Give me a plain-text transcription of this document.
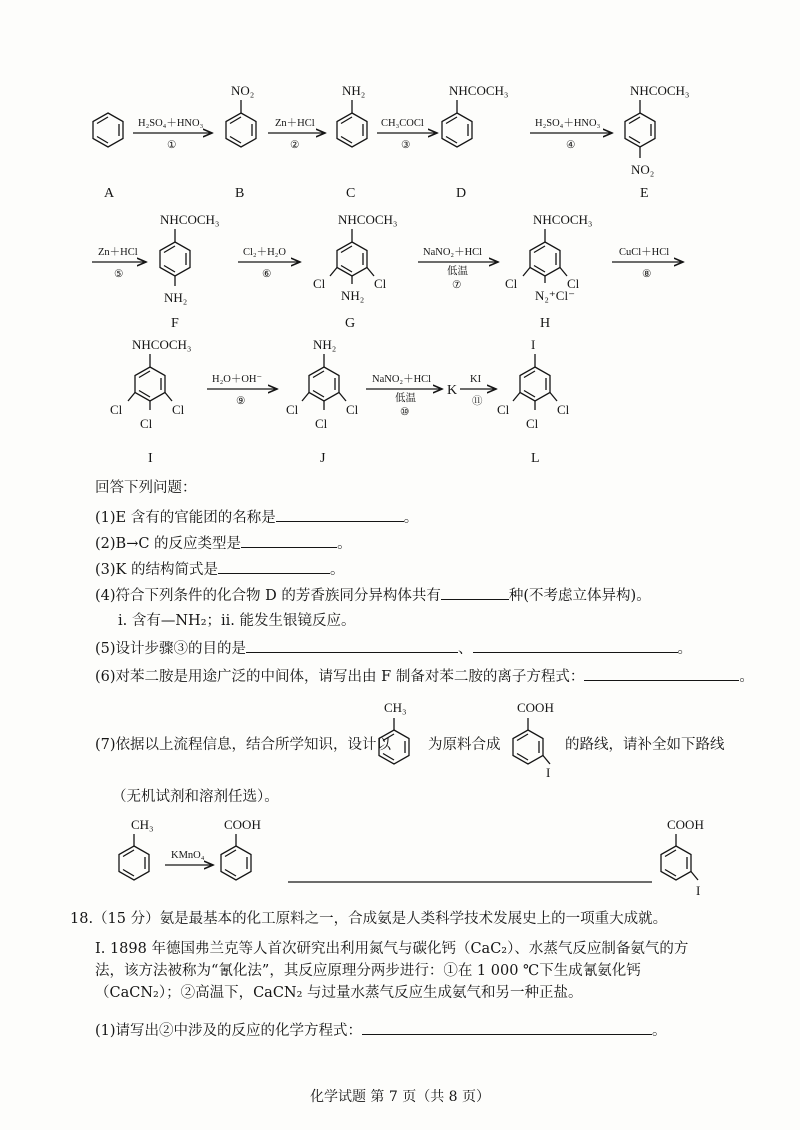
A
H₂SO₄＋HNO₃
①
NO₂
B
Zn＋HCl
②
NH₂
C
CH₃COCl
③
NHCOCH₃
D
H₂SO₄＋HNO₃
④
NHCOCH₃
NO₂
E
Zn＋HCl
⑤
NHCOCH₃
NH₂
F
Cl₂＋H₂O
⑥
NHCOCH₃
Cl	Cl
NH₂
G
NaNO₂＋HCl
低温
⑦
NHCOCH₃
Cl	Cl
N₂⁺Cl⁻
H
CuCl＋HCl
⑧
NHCOCH₃
Cl	Cl
Cl
I
H₂O＋OH⁻
⑨
NH₂
Cl	Cl
Cl
J
NaNO₂＋HCl
低温
⑩
K
KI
⑪
I
Cl	Cl
Cl
L
回答下列问题：
(1)E 含有的官能团的名称是	。
(2)B→C 的反应类型是	。
(3)K 的结构简式是	。
(4)符合下列条件的化合物 D 的芳香族同分异构体共有	种(不考虑立体异构)。
ⅰ. 含有—NH₂；ⅱ. 能发生银镜反应。
(5)设计步骤③的目的是	、	。
(6)对苯二胺是用途广泛的中间体，请写出由 F 制备对苯二胺的离子方程式：	。
(7)依据以上流程信息，结合所学知识，设计以	为原料合成	的路线，请补全如下路线
CH₃	COOH
I
（无机试剂和溶剂任选）。
CH₃
KMnO₄
COOH	COOH
I
18.（15 分）氨是最基本的化工原料之一，合成氨是人类科学技术发展史上的一项重大成就。
Ⅰ. 1898 年德国弗兰克等人首次研究出利用氮气与碳化钙（CaC₂）、水蒸气反应制备氨气的方法，该方法被称为“氰化法”，其反应原理分两步进行：①在 1 000 ℃下生成氰氨化钙（CaCN₂）；②高温下，CaCN₂ 与过量水蒸气反应生成氨气和另一种正盐。
(1)请写出②中涉及的反应的化学方程式：	。
化学试题 第 7 页（共 8 页）
